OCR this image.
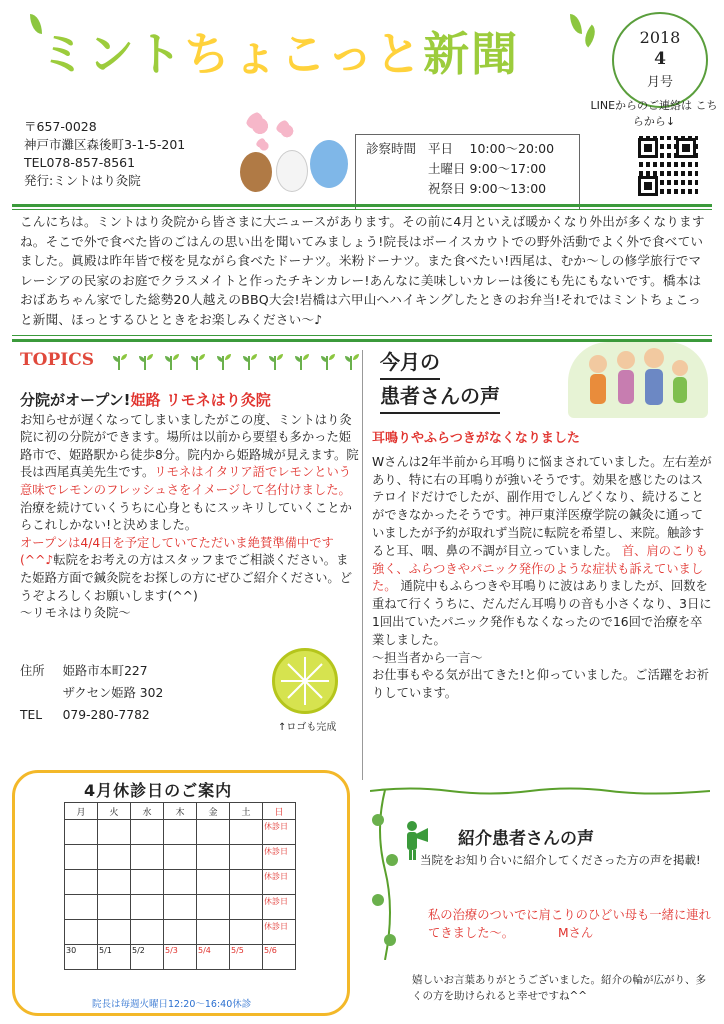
ミントちょこっと新聞	2018
4
月号
LINEからのご連絡は こちらから↓
〒657-0028
神戸市灘区森後町3-1-5-201
TEL078-857-8561
発行:ミントはり灸院
診察時間	平日	10:00～20:00
	土曜日	9:00～17:00
	祝祭日	9:00～13:00
こんにちは。ミントはり灸院から皆さまに大ニュースがあります。その前に4月といえば暖かくなり外出が多くなりますね。そこで外で食べた皆のごはんの思い出を聞いてみましょう!院長はボーイスカウトでの野外活動でよく外で食べていました。眞殿は昨年皆で桜を見ながら食べたドーナツ。米粉ドーナツ。また食べたい!西尾は、むか～しの修学旅行でマレーシアの民家のお庭でクラスメイトと作ったチキンカレー!あんなに美味しいカレーは後にも先にもないです。橋本はおばあちゃん家でした総勢20人越えのBBQ大会!岩橋は六甲山へハイキングしたときのお弁当!それではミントちょこっと新聞、ほっとするひとときをお楽しみください～♪
TOPICS
分院がオープン!姫路 リモネはり灸院
お知らせが遅くなってしまいましたがこの度、ミントはり灸院に初の分院ができます。場所は以前から要望も多かった姫路市で、姫路駅から徒歩8分。院内から姫路城が見えます。院長は西尾真美先生です。リモネはイタリア語でレモンという意味でレモンのフレッシュさをイメージして名付けました。治療を続けていくうちに心身ともにスッキリしていくことからこれしかない!と決めました。
オープンは4/4日を予定していてただいま絶賛準備中です(^^♪転院をお考えの方はスタッフまでご相談ください。また姫路方面で鍼灸院をお探しの方にぜひご紹介ください。どうぞよろしくお願いします(^^)
～リモネはり灸院～
住所	姫路市本町227
	ザクセン姫路 302
TEL	079-280-7782
↑ロゴも完成
今月の
患者さんの声
耳鳴りやふらつきがなくなりました
Wさんは2年半前から耳鳴りに悩まされていました。左右差があり、特に右の耳鳴りが強いそうです。効果を感じたのはステロイドだけでしたが、副作用でしんどくなり、続けることができなかったそうです。神戸東洋医療学院の鍼灸に通っていましたが予約が取れず当院に転院を希望し、来院。触診すると耳、咽、鼻の不調が目立っていました。 首、肩のこりも強く、ふらつきやパニック発作のような症状も訴えていました。 通院中もふらつきや耳鳴りに波はありましたが、回数を重ねて行くうちに、だんだん耳鳴りの音も小さくなり、3日に1回出ていたパニック発作もなくなったので16回で治療を卒業しました。
～担当者から一言～
お仕事もやる気が出てきた!と仰っていました。ご活躍をお祈りしています。
4月休診日のご案内
月	火	水	木	金	土	日
						休診日
						休診日
						休診日
						休診日
						休診日
30	5/1	5/2	5/3	5/4	5/5	5/6
院長は毎週火曜日12:20～16:40休診
紹介患者さんの声
当院をお知り合いに紹介してくださった方の声を掲載!
私の治療のついでに肩こりのひどい母も一緒に連れてきました～。	Mさん
嬉しいお言葉ありがとうございました。紹介の輪が広がり、多くの方を助けられると幸せですね^^
